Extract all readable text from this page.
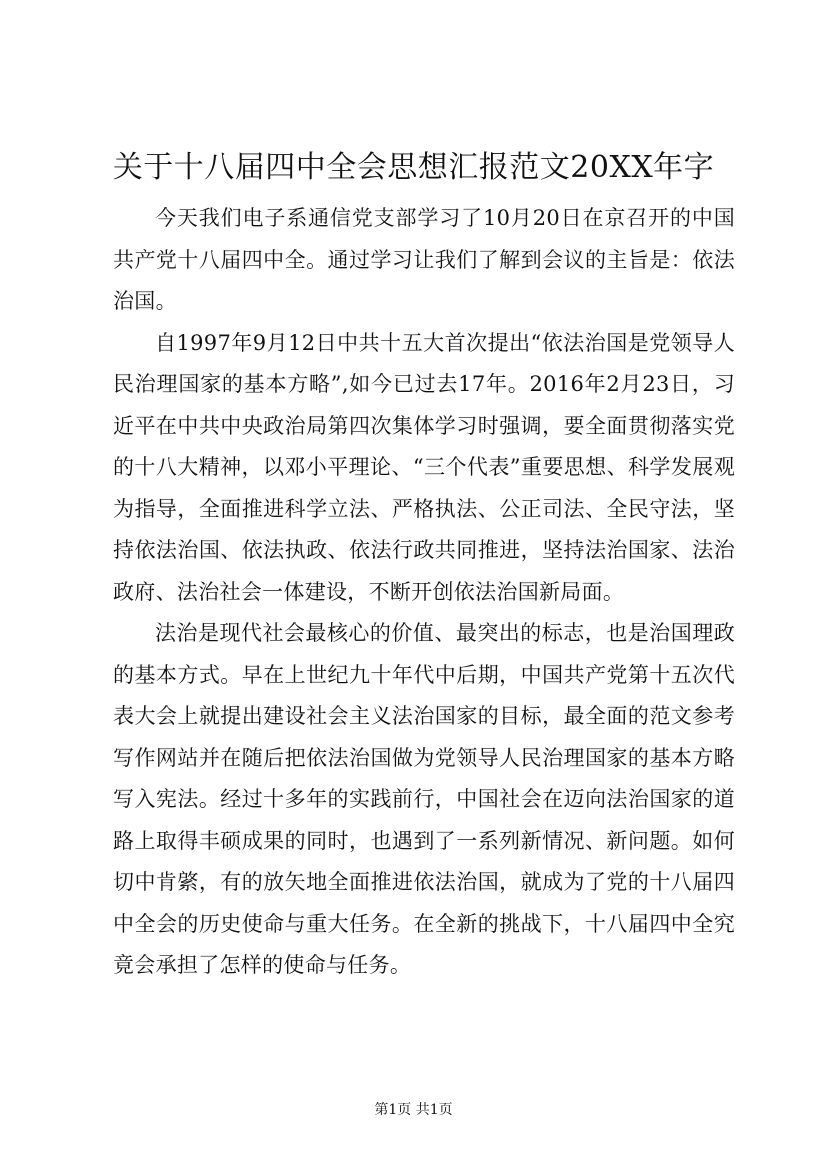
关于十八届四中全会思想汇报范文20XX年字

今天我们电子系通信党支部学习了10月20日在京召开的中国共产党十八届四中全。通过学习让我们了解到会议的主旨是：依法治国。

自1997年9月12日中共十五大首次提出“依法治国是党领导人民治理国家的基本方略”,如今已过去17年。2016年2月23日，习近平在中共中央政治局第四次集体学习时强调，要全面贯彻落实党的十八大精神，以邓小平理论、“三个代表”重要思想、科学发展观为指导，全面推进科学立法、严格执法、公正司法、全民守法，坚持依法治国、依法执政、依法行政共同推进，坚持法治国家、法治政府、法治社会一体建设，不断开创依法治国新局面。

法治是现代社会最核心的价值、最突出的标志，也是治国理政的基本方式。早在上世纪九十年代中后期，中国共产党第十五次代表大会上就提出建设社会主义法治国家的目标，最全面的范文参考写作网站并在随后把依法治国做为党领导人民治理国家的基本方略写入宪法。经过十多年的实践前行，中国社会在迈向法治国家的道路上取得丰硕成果的同时，也遇到了一系列新情况、新问题。如何切中肯綮，有的放矢地全面推进依法治国，就成为了党的十八届四中全会的历史使命与重大任务。在全新的挑战下，十八届四中全究竟会承担了怎样的使命与任务。

第1页 共1页
